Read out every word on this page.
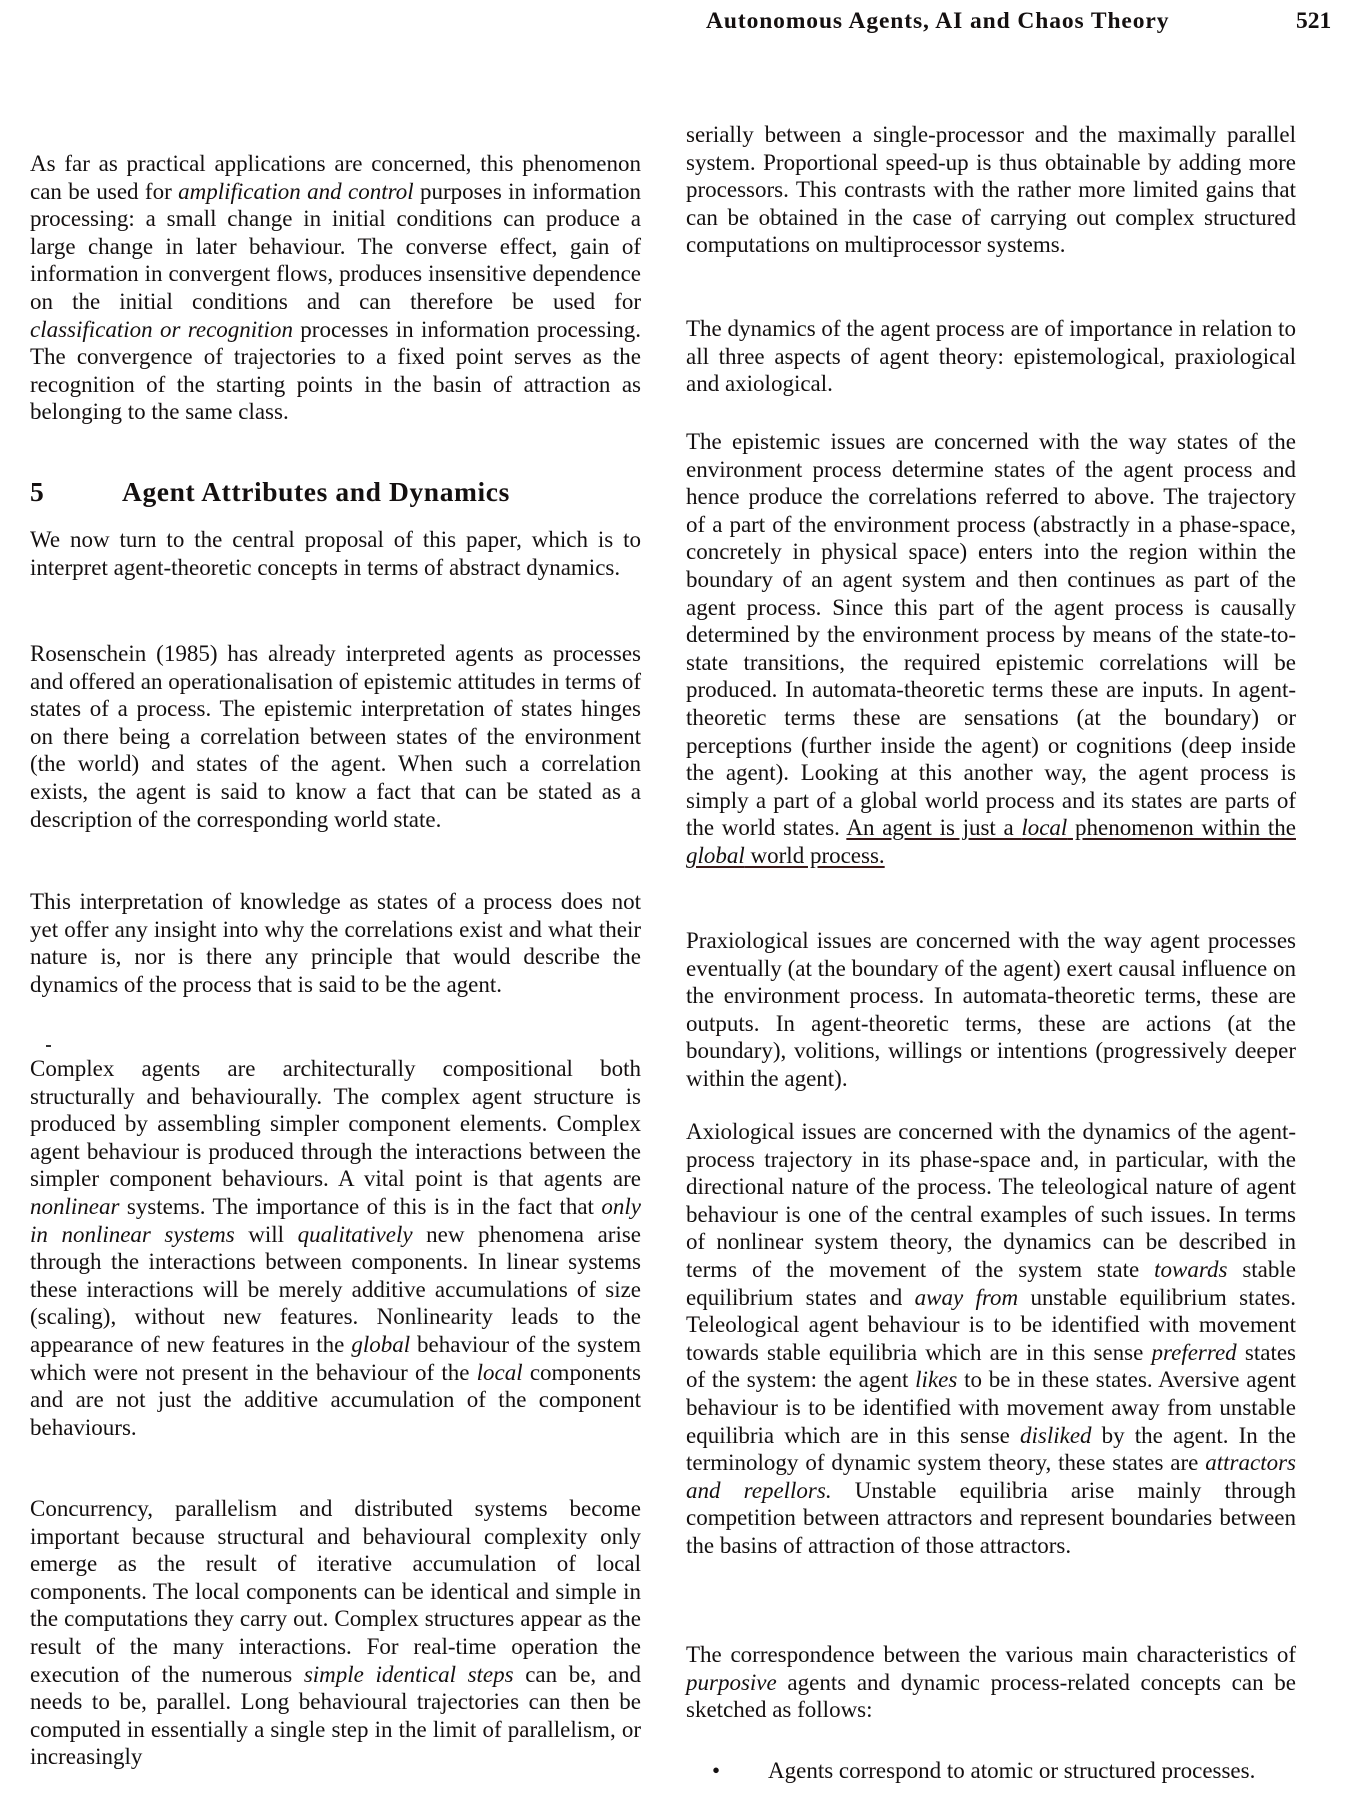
Autonomous Agents, AI and Chaos Theory	521

As far as practical applications are concerned, this phenomenon can be used for amplification and control purposes in information processing: a small change in initial conditions can produce a large change in later behaviour. The converse effect, gain of information in convergent flows, produces insensitive dependence on the initial conditions and can therefore be used for classification or recognition processes in information processing. The convergence of trajectories to a fixed point serves as the recognition of the starting points in the basin of attraction as belonging to the same class.

5	Agent Attributes and Dynamics

We now turn to the central proposal of this paper, which is to interpret agent-theoretic concepts in terms of abstract dynamics.

Rosenschein (1985) has already interpreted agents as processes and offered an operationalisation of epistemic attitudes in terms of states of a process. The epistemic interpretation of states hinges on there being a correlation between states of the environment (the world) and states of the agent. When such a correlation exists, the agent is said to know a fact that can be stated as a description of the corresponding world state.

This interpretation of knowledge as states of a process does not yet offer any insight into why the correlations exist and what their nature is, nor is there any principle that would describe the dynamics of the process that is said to be the agent.

Complex agents are architecturally compositional both structurally and behaviourally. The complex agent structure is produced by assembling simpler component elements. Complex agent behaviour is produced through the interactions between the simpler component behaviours. A vital point is that agents are nonlinear systems. The importance of this is in the fact that only in nonlinear systems will qualitatively new phenomena arise through the interactions between components. In linear systems these interactions will be merely additive accumulations of size (scaling), without new features. Nonlinearity leads to the appearance of new features in the global behaviour of the system which were not present in the behaviour of the local components and are not just the additive accumulation of the component behaviours.

Concurrency, parallelism and distributed systems become important because structural and behavioural complexity only emerge as the result of iterative accumulation of local components. The local components can be identical and simple in the computations they carry out. Complex structures appear as the result of the many interactions. For real-time operation the execution of the numerous simple identical steps can be, and needs to be, parallel. Long behavioural trajectories can then be computed in essentially a single step in the limit of parallelism, or increasingly

serially between a single-processor and the maximally parallel system. Proportional speed-up is thus obtainable by adding more processors. This contrasts with the rather more limited gains that can be obtained in the case of carrying out complex structured computations on multiprocessor systems.

The dynamics of the agent process are of importance in relation to all three aspects of agent theory: epistemological, praxiological and axiological.

The epistemic issues are concerned with the way states of the environment process determine states of the agent process and hence produce the correlations referred to above. The trajectory of a part of the environment process (abstractly in a phase-space, concretely in physical space) enters into the region within the boundary of an agent system and then continues as part of the agent process. Since this part of the agent process is causally determined by the environment process by means of the state-to-state transitions, the required epistemic correlations will be produced. In automata-theoretic terms these are inputs. In agent-theoretic terms these are sensations (at the boundary) or perceptions (further inside the agent) or cognitions (deep inside the agent). Looking at this another way, the agent process is simply a part of a global world process and its states are parts of the world states. An agent is just a local phenomenon within the global world process.

Praxiological issues are concerned with the way agent processes eventually (at the boundary of the agent) exert causal influence on the environment process. In automata-theoretic terms, these are outputs. In agent-theoretic terms, these are actions (at the boundary), volitions, willings or intentions (progressively deeper within the agent).

Axiological issues are concerned with the dynamics of the agent-process trajectory in its phase-space and, in particular, with the directional nature of the process. The teleological nature of agent behaviour is one of the central examples of such issues. In terms of nonlinear system theory, the dynamics can be described in terms of the movement of the system state towards stable equilibrium states and away from unstable equilibrium states. Teleological agent behaviour is to be identified with movement towards stable equilibria which are in this sense preferred states of the system: the agent likes to be in these states. Aversive agent behaviour is to be identified with movement away from unstable equilibria which are in this sense disliked by the agent. In the terminology of dynamic system theory, these states are attractors and repellors. Unstable equilibria arise mainly through competition between attractors and represent boundaries between the basins of attraction of those attractors.

The correspondence between the various main characteristics of purposive agents and dynamic process-related concepts can be sketched as follows:

• Agents correspond to atomic or structured processes.
